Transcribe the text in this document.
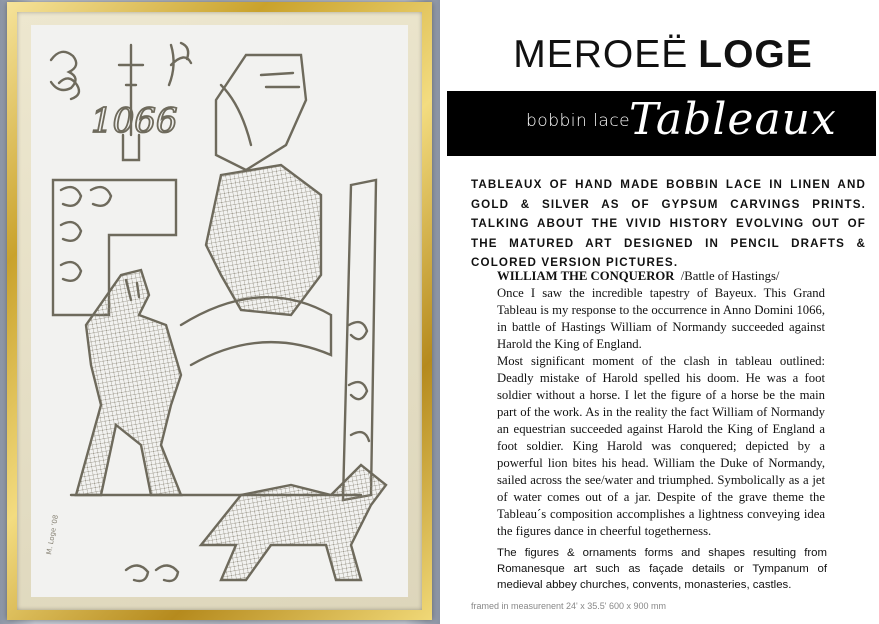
1066
M. Loge '08
MEROEË LOGE
bobbin lace
Tableaux
TABLEAUX OF HAND MADE BOBBIN LACE IN LINEN AND GOLD & SILVER AS OF GYPSUM CARVINGS PRINTS. TALKING ABOUT THE VIVID HISTORY EVOLVING OUT OF THE MATURED ART DESIGNED IN PENCIL DRAFTS & COLORED VERSION PICTURES.

WILLIAM THE CONQUEROR /Battle of Hastings/

Once I saw the incredible tapestry of Bayeux. This Grand Tableau is my response to the occurrence in Anno Domini 1066, in battle of Hastings William of Normandy succeeded against Harold the King of England.

Most significant moment of the clash in tableau outlined: Deadly mistake of Harold spelled his doom. He was a foot soldier without a horse. I let the figure of a horse be the main part of the work. As in the reality the fact William of Normandy an equestrian succeeded against Harold the King of England a foot soldier. King Harold was conquered; depicted by a powerful lion bites his head. William the Duke of Normandy, sailed across the see/water and triumphed. Symbolically as a jet of water comes out of a jar. Despite of the grave theme the Tableau´s composition accomplishes a lightness conveying idea the figures dance in cheerful togetherness.

The figures & ornaments forms and shapes resulting from Romanesque art such as façade details or Tympanum of medieval abbey churches, convents, monasteries, castles.
framed in measurenent 24' x 35.5' 600 x 900 mm
